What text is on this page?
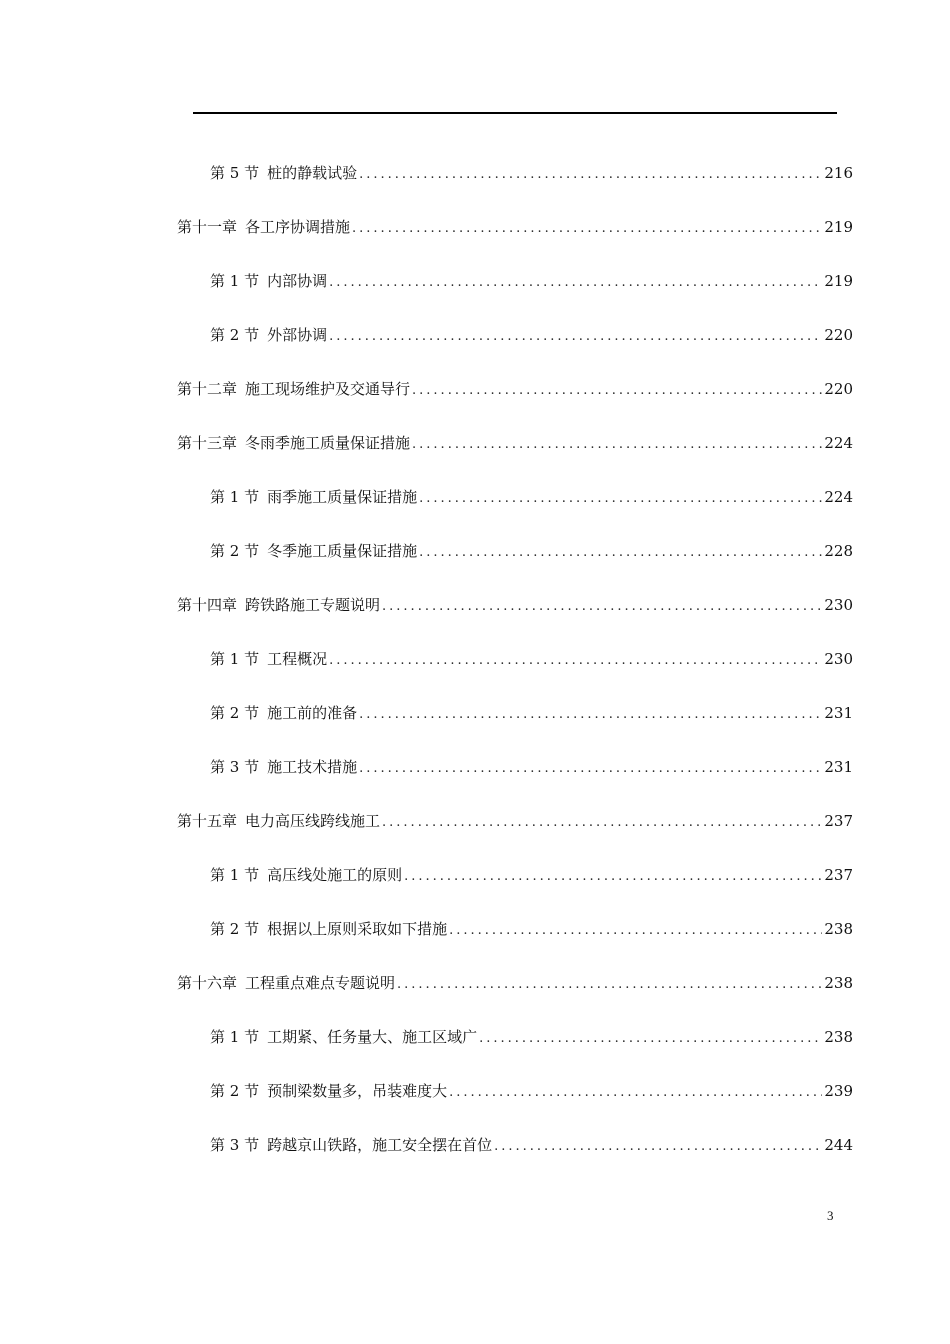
第 5 节 桩的静载试验 .....	216
第十一章 各工序协调措施 .....	219
第 1 节 内部协调 .....	219
第 2 节 外部协调 .....	220
第十二章 施工现场维护及交通导行 .....	220
第十三章 冬雨季施工质量保证措施 .....	224
第 1 节 雨季施工质量保证措施 .....	224
第 2 节 冬季施工质量保证措施 .....	228
第十四章 跨铁路施工专题说明 .....	230
第 1 节 工程概况 .....	230
第 2 节 施工前的准备 .....	231
第 3 节 施工技术措施 .....	231
第十五章 电力高压线跨线施工 .....	237
第 1 节 高压线处施工的原则 .....	237
第 2 节 根据以上原则采取如下措施 .....	238
第十六章 工程重点难点专题说明 .....	238
第 1 节 工期紧、任务量大、施工区域广 .....	238
第 2 节 预制梁数量多，吊装难度大 .....	239
第 3 节 跨越京山铁路，施工安全摆在首位 .....	244
3
